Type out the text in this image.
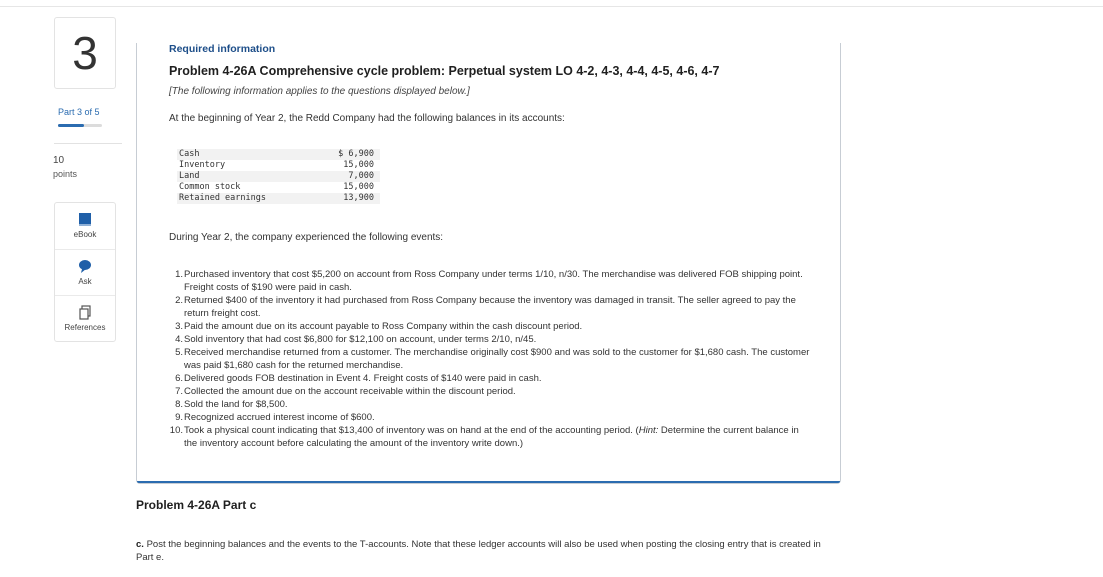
3
Part 3 of 5
10
points
eBook
Ask
References
Required information
Problem 4-26A Comprehensive cycle problem: Perpetual system LO 4-2, 4-3, 4-4, 4-5, 4-6, 4-7
[The following information applies to the questions displayed below.]
At the beginning of Year 2, the Redd Company had the following balances in its accounts:
Cash	$ 6,900
Inventory	15,000
Land	7,000
Common stock	15,000
Retained earnings	13,900
During Year 2, the company experienced the following events:
1. Purchased inventory that cost $5,200 on account from Ross Company under terms 1/10, n/30. The merchandise was delivered FOB shipping point. Freight costs of $190 were paid in cash.
2. Returned $400 of the inventory it had purchased from Ross Company because the inventory was damaged in transit. The seller agreed to pay the return freight cost.
3. Paid the amount due on its account payable to Ross Company within the cash discount period.
4. Sold inventory that had cost $6,800 for $12,100 on account, under terms 2/10, n/45.
5. Received merchandise returned from a customer. The merchandise originally cost $900 and was sold to the customer for $1,680 cash. The customer was paid $1,680 cash for the returned merchandise.
6. Delivered goods FOB destination in Event 4. Freight costs of $140 were paid in cash.
7. Collected the amount due on the account receivable within the discount period.
8. Sold the land for $8,500.
9. Recognized accrued interest income of $600.
10. Took a physical count indicating that $13,400 of inventory was on hand at the end of the accounting period. (Hint: Determine the current balance in the inventory account before calculating the amount of the inventory write down.)
Problem 4-26A Part c
c. Post the beginning balances and the events to the T-accounts. Note that these ledger accounts will also be used when posting the closing entry that is created in Part e.
